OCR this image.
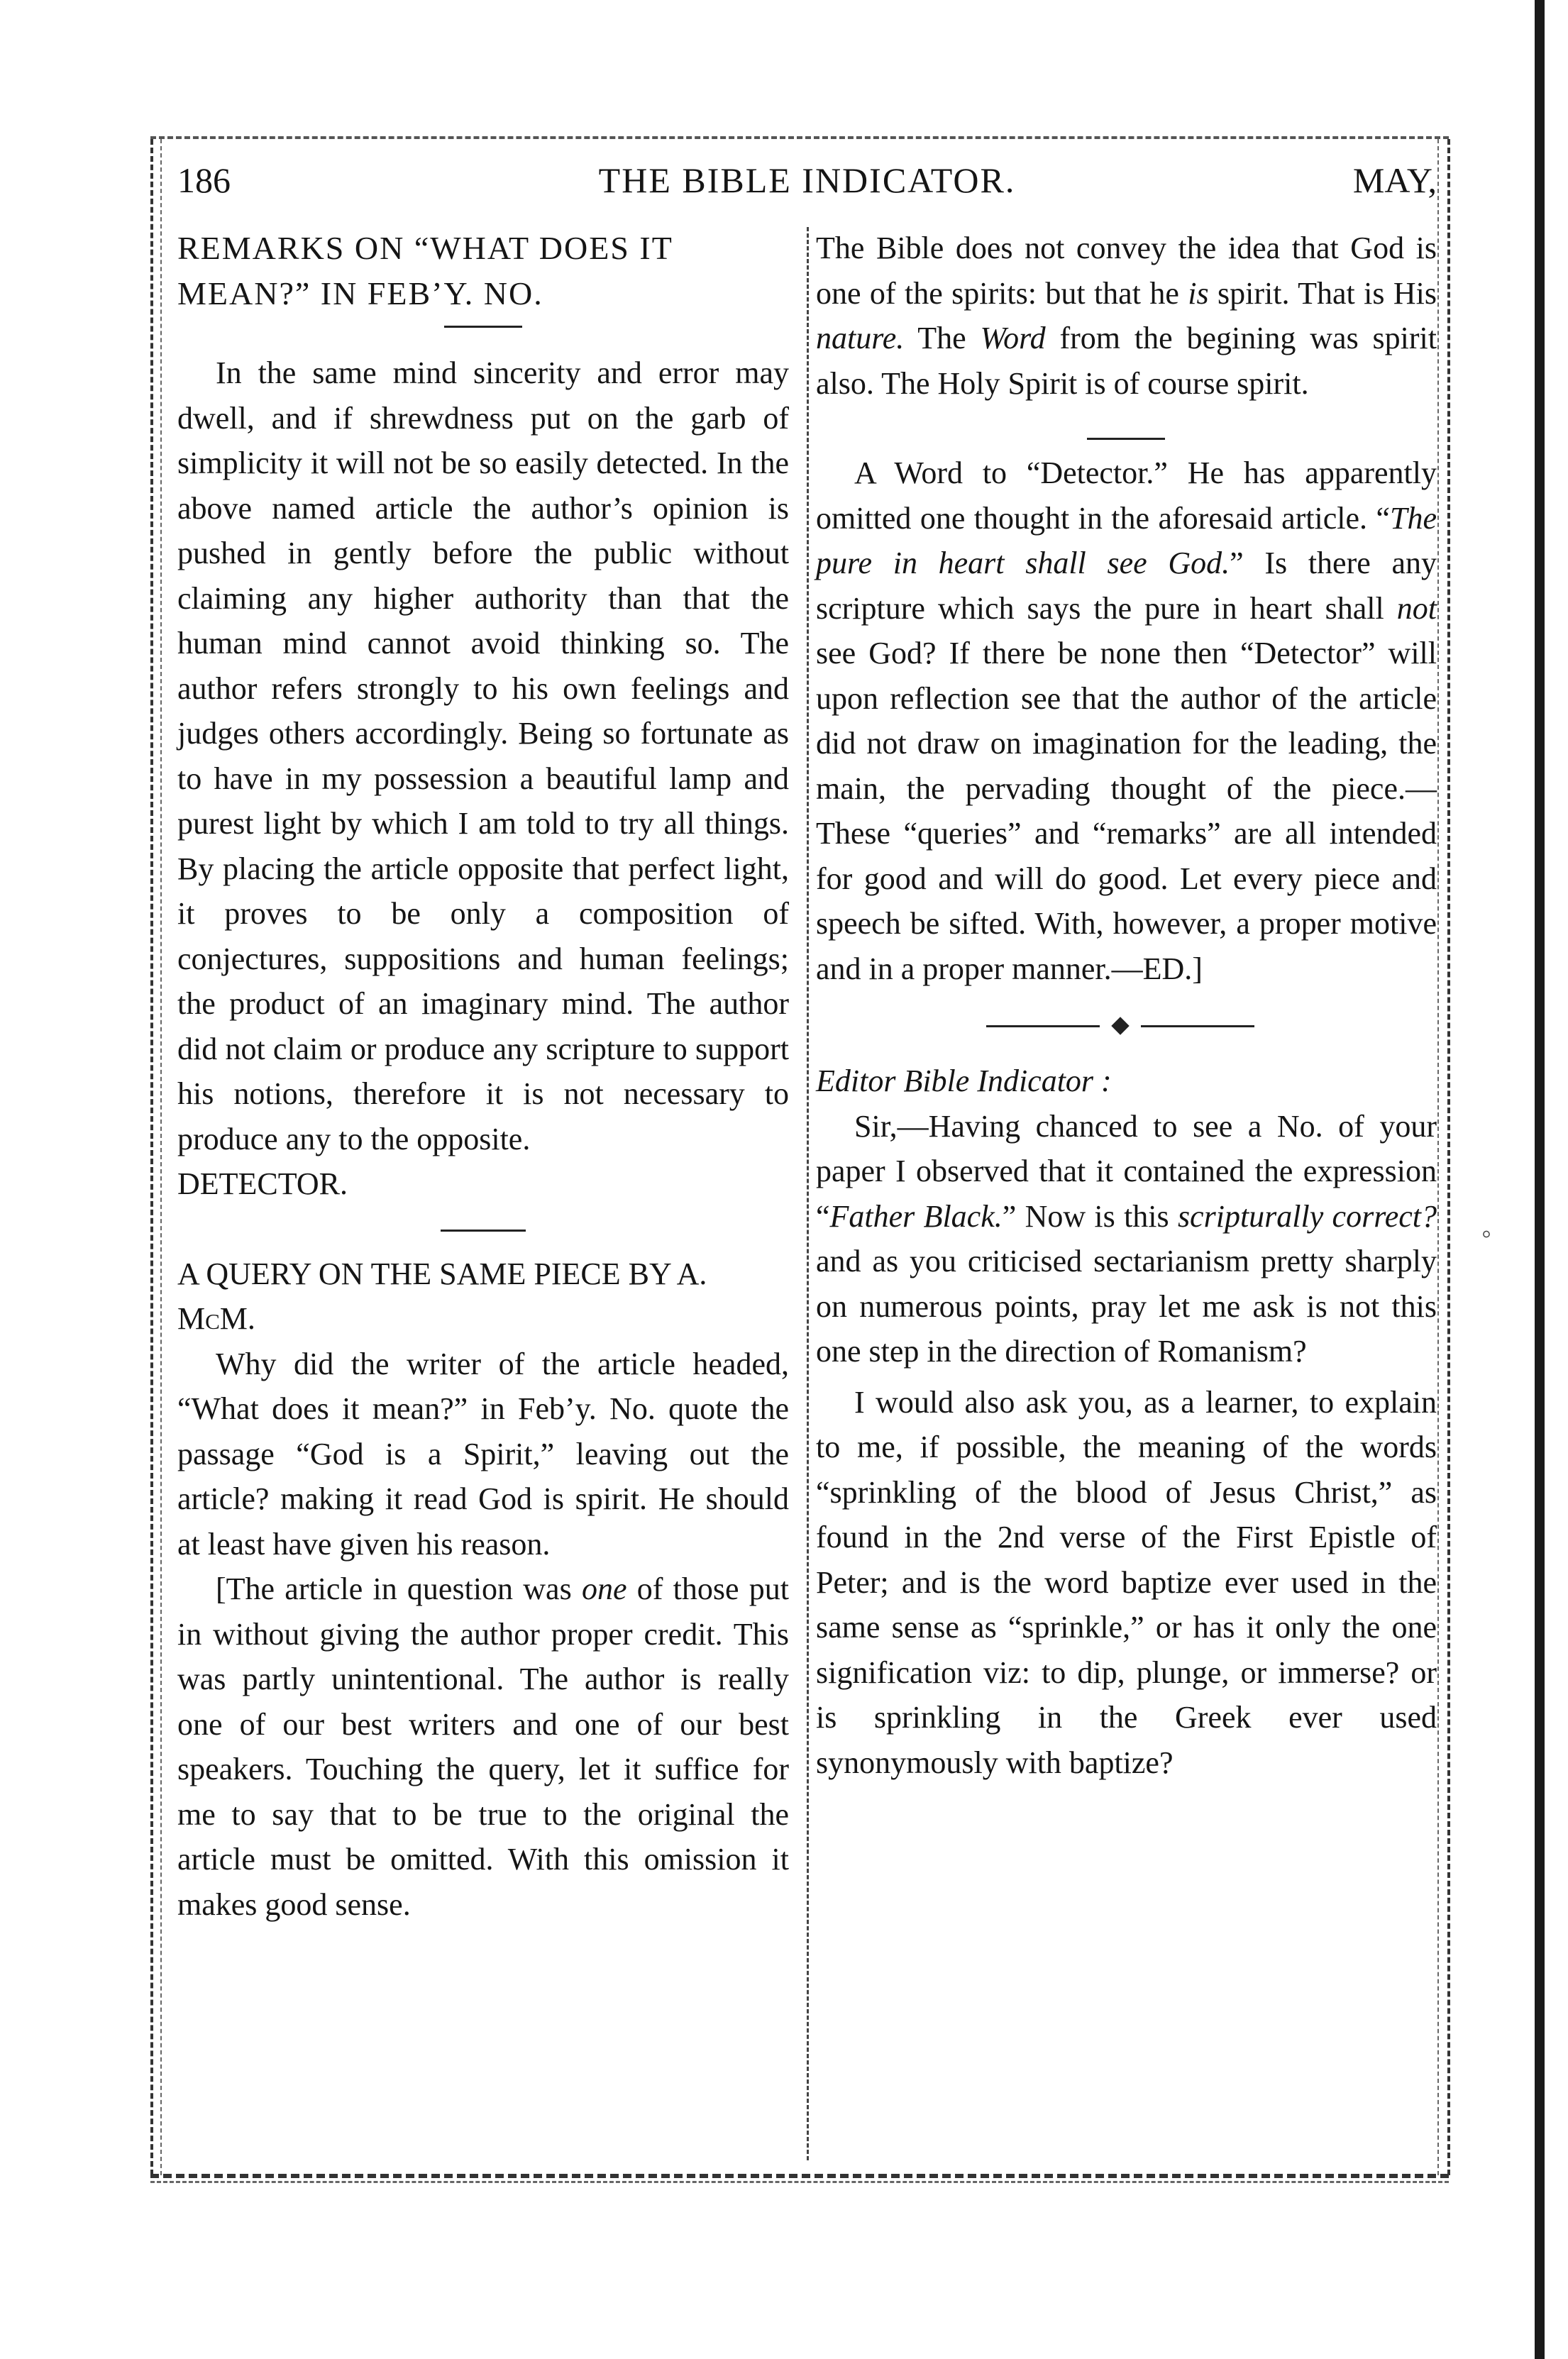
THE BIBLE INDICATOR.
186	MAY,

REMARKS ON “WHAT DOES IT

MEAN?” IN FEB’Y. NO.

In the same mind sincerity and error may dwell, and if shrewdness put on the garb of simplicity it will not be so easily detected. In the above named article the author’s opinion is pushed in gently before the public without claiming any higher authority than that the human mind cannot avoid thinking so. The author refers strongly to his own feelings and judges others accordingly. Being so fortunate as to have in my possession a beautiful lamp and purest light by which I am told to try all things. By placing the article opposite that perfect light, it proves to be only a composition of conjectures, suppositions and human feelings; the product of an imaginary mind. The author did not claim or produce any scripture to support his notions, therefore it is not necessary to produce any to the opposite.

DETECTOR.

A QUERY ON THE SAME PIECE BY A. McM.

Why did the writer of the article headed, “What does it mean?” in Feb’y. No. quote the passage “God is a Spirit,” leaving out the article? making it read God is spirit. He should at least have given his reason.

[The article in question was one of those put in without giving the author proper credit. This was partly unintentional. The author is really one of our best writers and one of our best speakers. Touching the query, let it suffice for me to say that to be true to the original the article must be omitted. With this omission it makes good sense.

The Bible does not convey the idea that God is one of the spirits: but that he is spirit. That is His nature. The Word from the begining was spirit also. The Holy Spirit is of course spirit.

A Word to “Detector.” He has apparently omitted one thought in the aforesaid article. “The pure in heart shall see God.” Is there any scripture which says the pure in heart shall not see God? If there be none then “Detector” will upon reflection see that the author of the article did not draw on imagination for the leading, the main, the pervading thought of the piece.— These “queries” and “remarks” are all intended for good and will do good. Let every piece and speech be sifted. With, however, a proper motive and in a proper manner.—ED.]

Editor Bible Indicator :

Sir,—Having chanced to see a No. of your paper I observed that it contained the expression “Father Black.” Now is this scripturally correct? and as you criticised sectarianism pretty sharply on numerous points, pray let me ask is not this one step in the direction of Romanism?

I would also ask you, as a learner, to explain to me, if possible, the meaning of the words “sprinkling of the blood of Jesus Christ,” as found in the 2nd verse of the First Epistle of Peter; and is the word baptize ever used in the same sense as “sprinkle,” or has it only the one signification viz: to dip, plunge, or immerse? or is sprinkling in the Greek ever used synonymously with baptize?

◦
